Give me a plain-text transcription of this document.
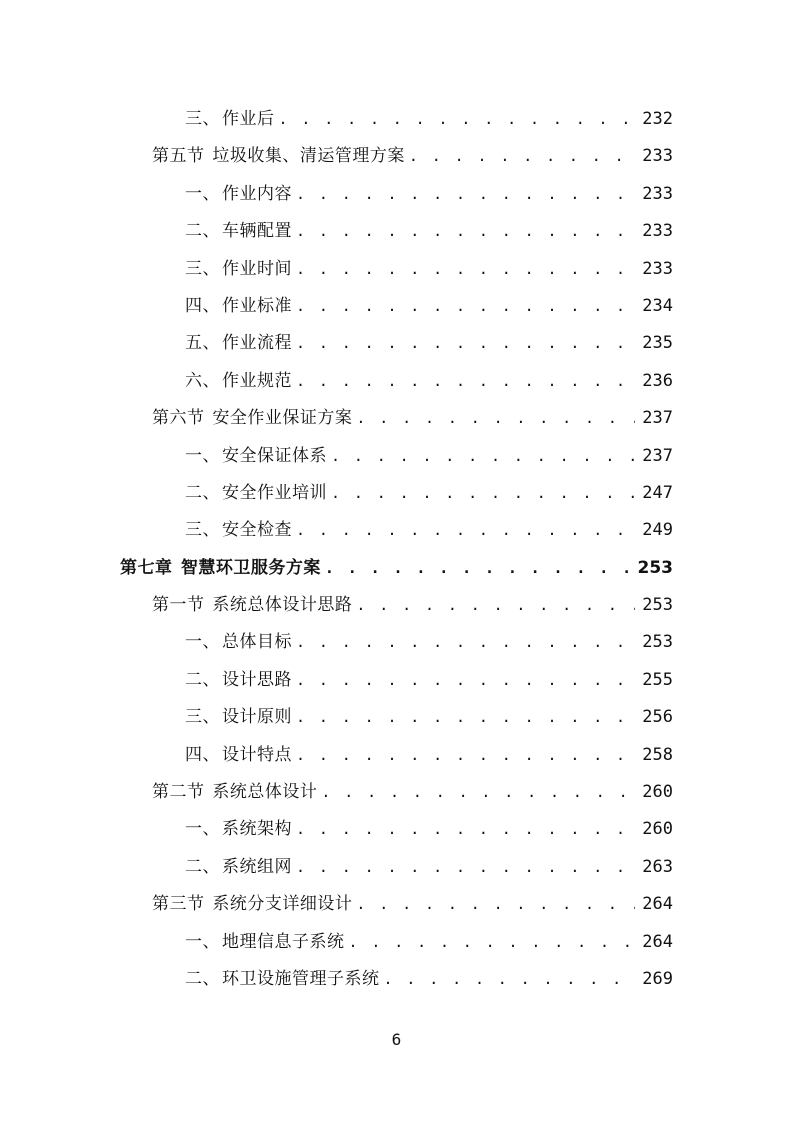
三、 作业后 . . .	232
第五节 垃圾收集、清运管理方案 . . .	233
一、 作业内容 . . .	233
二、 车辆配置 . . .	233
三、 作业时间 . . .	233
四、 作业标准 . . .	234
五、 作业流程 . . .	235
六、 作业规范 . . .	236
第六节 安全作业保证方案 . . .	237
一、 安全保证体系 . . .	237
二、 安全作业培训 . . .	247
三、 安全检查 . . .	249
第七章 智慧环卫服务方案 . . .	253
第一节 系统总体设计思路 . . .	253
一、 总体目标 . . .	253
二、 设计思路 . . .	255
三、 设计原则 . . .	256
四、 设计特点 . . .	258
第二节 系统总体设计 . . .	260
一、 系统架构 . . .	260
二、 系统组网 . . .	263
第三节 系统分支详细设计 . . .	264
一、 地理信息子系统 . . .	264
二、 环卫设施管理子系统 . . .	269
6
